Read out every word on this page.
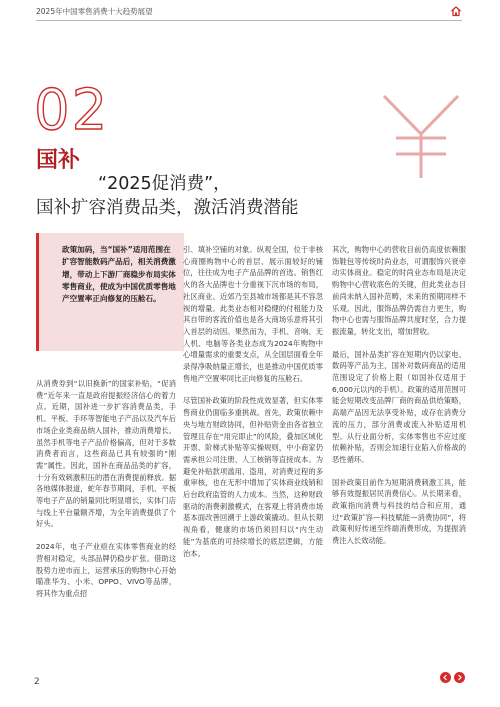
2025年中国零售消费十大趋势展望
02
国补
“2025促消费”，
国补扩容消费品类，激活消费潜能
政策加码，当“国补”适用范围在扩容智能数码产品后，相关消费激增，带动上下游厂商稳步布局实体零售商业，使成为中国优质零售地产空置率正向修复的压舱石。

从消费券到“以旧换新”的国家补贴，“促消费”近年来一直是政府提振经济信心的着力点。近期，国补进一步扩容消费品类，手机、平板、手环等智能电子产品以及汽车后市场企业类商品纳入国补，推动消费增长。虽然手机等电子产品价格偏高，但对于多数消费者而言，这些商品已具有较强的“刚需”属性。因此，国补在商品品类的扩容，十分有效刺激积压的潜在消费提前释放。据各地媒体报道，蛇年春节期间，手机、平板等电子产品的销量同比明显增长，实体门店与线上平台量额齐增，为全年消费提供了个好头。

2024年，电子产业亟在实体零售商业的经营相对稳定，头部品牌仍稳步扩张。借助这股势力逆市而上，运营承压的购物中心开始瞄准华为、小米、OPPO、VIVO等品牌，将其作为重点招

引、填补空铺的对象。纵观全国，位于非核心商圈购物中心的首层、展示面较好的铺位，往往成为电子产品品牌的首选。销售红火的各大品牌也十分重视下沉市场的布局，社区商业、近郊乃至县城市场都是其不容忽视的增量。此类业态相对稳健的付租能力及其自带的客流价值也是各大商场乐意将其引入首层的动因。果然而为，手机、音响、无人机、电脑等各类业态成为2024年购物中心增量需求的重要支点，从全国层面看全年录得净吸纳量正增长，也是推动中国优质零售地产空置率同比正向修复的压舱石。

尽管国补政策的阶段性成效显著，但实体零售商业仍面临多重挑战。首先，政策依赖中央与地方财政协同，但补贴资金由各省独立管理且存在“用完即止”的风险，叠加区域化开票、阶梯式补贴等实操规则，中小商家仍需承担公司注册、人工核销等直接成本。为避免补贴款项滥用、盗用，对消费过程的多重审核，也在无形中增加了实体商业线销和后台政府监管的人力成本。当然，这种财政驱动的消费刺激模式，在客观上将消费市场基本面改善回溯于上游政策撬动。但从长期视角看，健康的市场仍须回归以“内生动能”为基底的可持续增长的底层逻辑，方能治本。

其次，购物中心的营收目前仍高度依赖服饰鞋包等传统时尚业态，可谓服饰兴衰牵动实体商业。稳定的时尚业态布局是决定购物中心营收底色的关键，但此类业态目前尚未纳入国补范畴，未来的预期同样不乐观。因此，服饰品牌仍需自力更生，购物中心也需与服饰品牌共度时坚，合力提振流量，转化支出，增加营收。

最后，国补品类扩容在短期内仍以家电、数码等产品为主，国补对数码商品的适用范围设定了价格上限（如国补仅适用于6,000元以内的手机）。政策的适用范围可能会短期改变品牌厂商的商品供给策略，高端产品因无法享受补贴，或存在消费分流的压力，部分消费或流入补贴适用机型。从行业面分析，实体零售也不应过度依赖补贴，否则会加速行业陷入价格战的恶性循环。

国补政策目前作为短期消费刺激工具，能够有效提振居民消费信心。从长期来看，政策指向消费与科技的结合和应用，通过“政策扩容—科技赋能—消费协同”，将政策利好传递至终端消费形成，为提振消费注入长效动能。

2
